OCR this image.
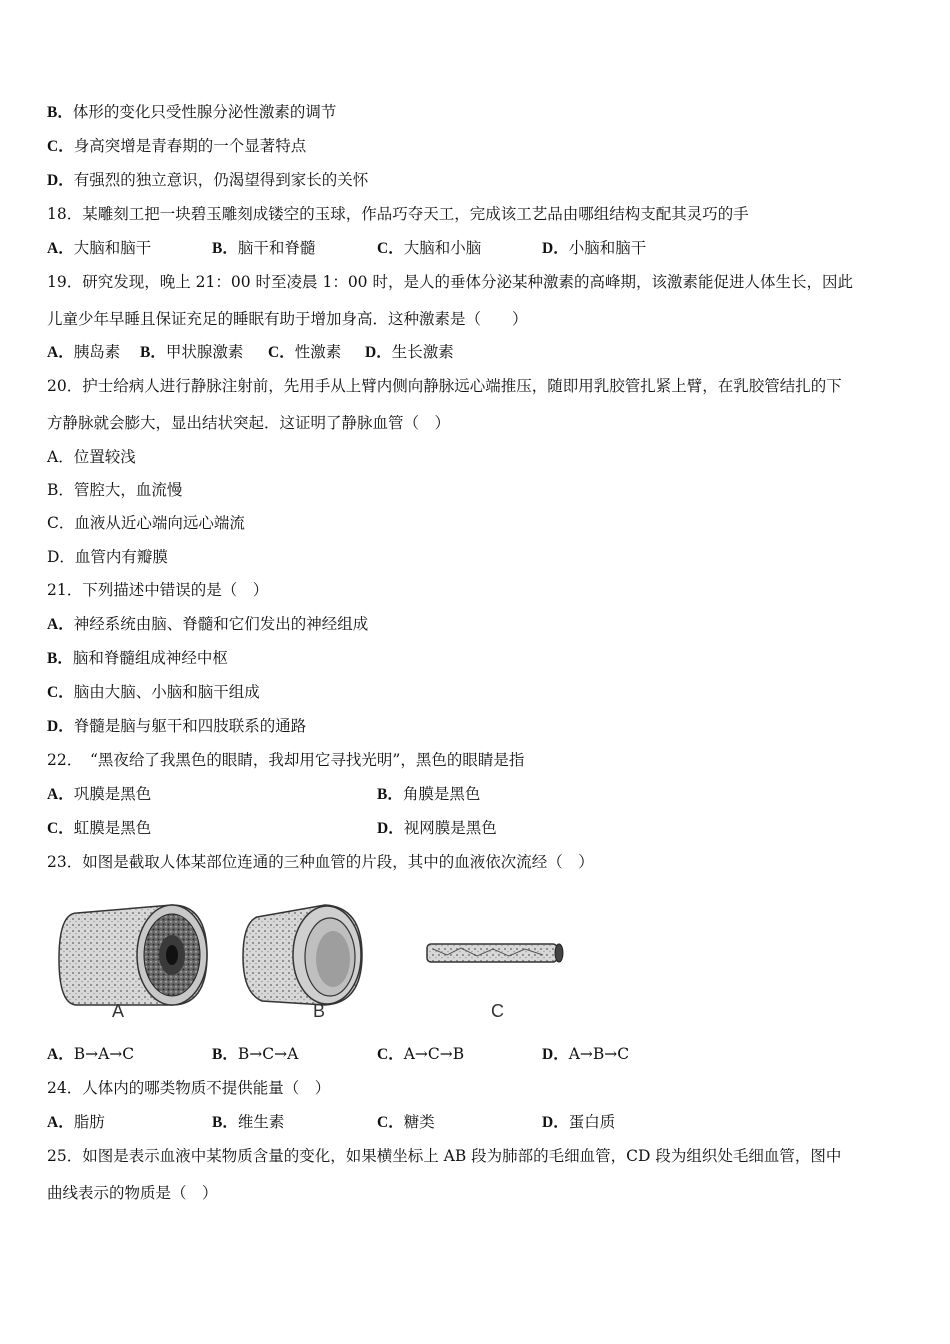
B．体形的变化只受性腺分泌性激素的调节
C．身高突增是青春期的一个显著特点
D．有强烈的独立意识，仍渴望得到家长的关怀
18．某雕刻工把一块碧玉雕刻成镂空的玉球，作品巧夺天工，完成该工艺品由哪组结构支配其灵巧的手
A．大脑和脑干	B．脑干和脊髓	C．大脑和小脑	D．小脑和脑干
19．研究发现，晚上 21：00 时至凌晨 1：00 时，是人的垂体分泌某种激素的高峰期，该激素能促进人体生长，因此
儿童少年早睡且保证充足的睡眠有助于增加身高．这种激素是（　　）
A．胰岛素 B．甲状腺激素 C．性激素 D．生长激素
20．护士给病人进行静脉注射前，先用手从上臂内侧向静脉远心端推压，随即用乳胶管扎紧上臂，在乳胶管结扎的下
方静脉就会膨大，显出结状突起．这证明了静脉血管（　）
A．位置较浅
B．管腔大，血流慢
C．血液从近心端向远心端流
D．血管内有瓣膜
21．下列描述中错误的是（　）
A．神经系统由脑、脊髓和它们发出的神经组成
B．脑和脊髓组成神经中枢
C．脑由大脑、小脑和脑干组成
D．脊髓是脑与躯干和四肢联系的通路
22．　“黑夜给了我黑色的眼睛，我却用它寻找光明”，黑色的眼睛是指
A．巩膜是黑色	B．角膜是黑色
C．虹膜是黑色	D．视网膜是黑色
23．如图是截取人体某部位连通的三种血管的片段，其中的血液依次流经（　）
A	B	C
A．B→A→C	B．B→C→A	C．A→C→B	D．A→B→C
24．人体内的哪类物质不提供能量（　）
A．脂肪	B．维生素	C．糖类	D．蛋白质
25．如图是表示血液中某物质含量的变化，如果横坐标上 AB 段为肺部的毛细血管，CD 段为组织处毛细血管，图中
曲线表示的物质是（　）
